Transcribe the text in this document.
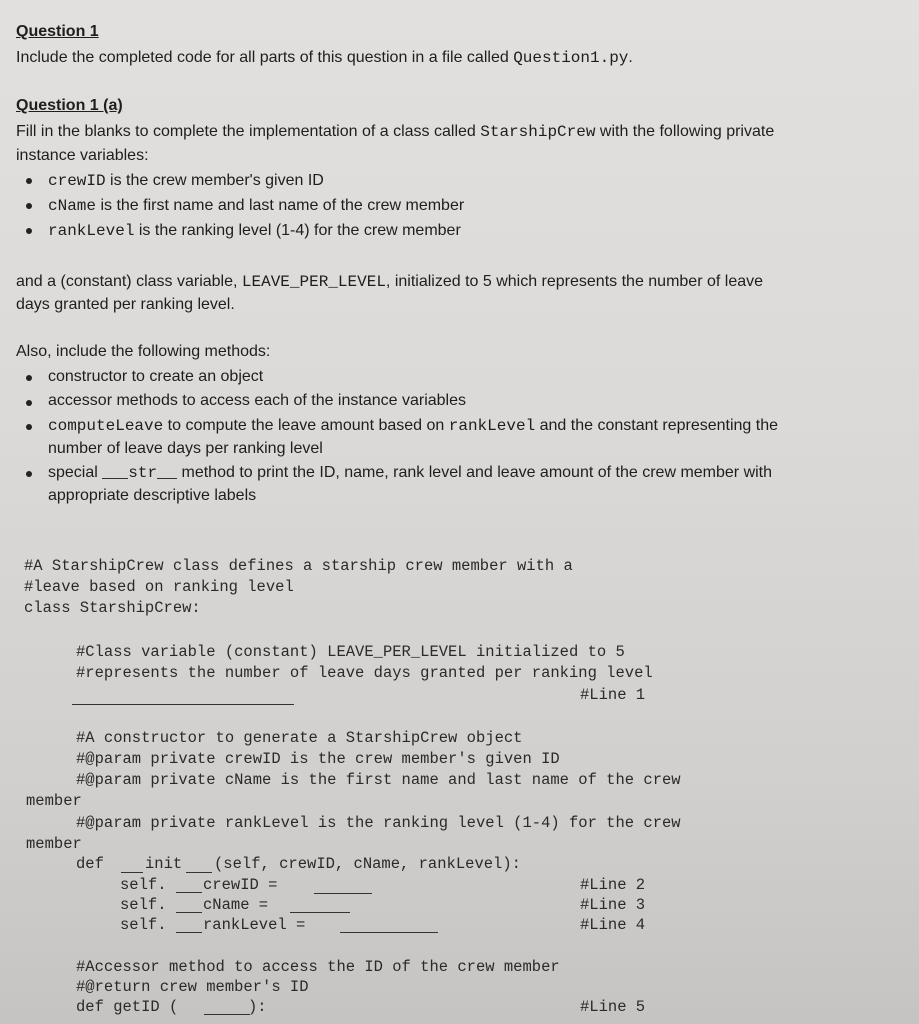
Question 1
Include the completed code for all parts of this question in a file called Question1.py.
Question 1 (a)
Fill in the blanks to complete the implementation of a class called StarshipCrew with the following private
instance variables:
crewID is the crew member's given ID
cName is the first name and last name of the crew member
rankLevel is the ranking level (1-4) for the crew member
and a (constant) class variable, LEAVE_PER_LEVEL, initialized to 5 which represents the number of leave
days granted per ranking level.
Also, include the following methods:
constructor to create an object
accessor methods to access each of the instance variables
computeLeave to compute the leave amount based on rankLevel and the constant representing the
number of leave days per ranking level
special str method to print the ID, name, rank level and leave amount of the crew member with
appropriate descriptive labels
#A StarshipCrew class defines a starship crew member with a
#leave based on ranking level
class StarshipCrew:
#Class variable (constant) LEAVE_PER_LEVEL initialized to 5
#represents the number of leave days granted per ranking level
#Line 1
#A constructor to generate a StarshipCrew object
#@param private crewID is the crew member's given ID
#@param private cName is the first name and last name of the crew
member
#@param private rankLevel is the ranking level (1-4) for the crew
member
def	init (self, crewID, cName, rankLevel):
self. crewID =	#Line 2
self. cName =	#Line 3
self. rankLevel =	#Line 4
#Accessor method to access the ID of the crew member
#@return crew member's ID
def getID (	):	#Line 5
